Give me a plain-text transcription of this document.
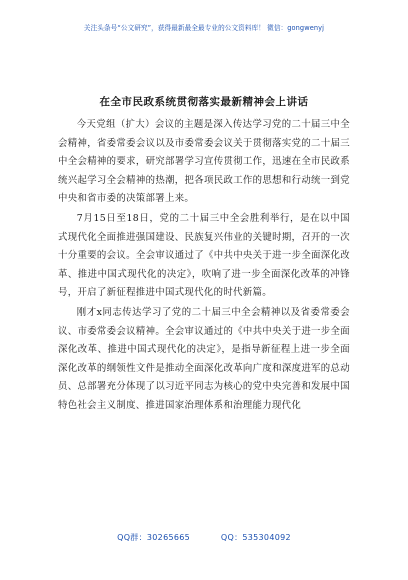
关注头条号“公文研究”，获得最新最全最专业的公文资料库！ 微信：gongwenyj
在全市民政系统贯彻落实最新精神会上讲话

今天党组（扩大）会议的主题是深入传达学习党的二十届三中全会精神，省委常委会议以及市委常委会议关于贯彻落实党的二十届三中全会精神的要求，研究部署学习宣传贯彻工作，迅速在全市民政系统兴起学习全会精神的热潮，把各项民政工作的思想和行动统一到党中央和省市委的决策部署上来。

7月15日至18日，党的二十届三中全会胜利举行，是在以中国式现代化全面推进强国建设、民族复兴伟业的关键时期，召开的一次十分重要的会议。全会审议通过了《中共中央关于进一步全面深化改革、推进中国式现代化的决定》，吹响了进一步全面深化改革的冲锋号，开启了新征程推进中国式现代化的时代新篇。

刚才x同志传达学习了党的二十届三中全会精神以及省委常委会议、市委常委会议精神。全会审议通过的《中共中央关于进一步全面深化改革、推进中国式现代化的决定》，是指导新征程上进一步全面深化改革的纲领性文件是推动全面深化改革向广度和深度进军的总动员、总部署充分体现了以习近平同志为核心的党中央完善和发展中国特色社会主义制度、推进国家治理体系和治理能力现代化

QQ群：30265665	QQ：535304092
